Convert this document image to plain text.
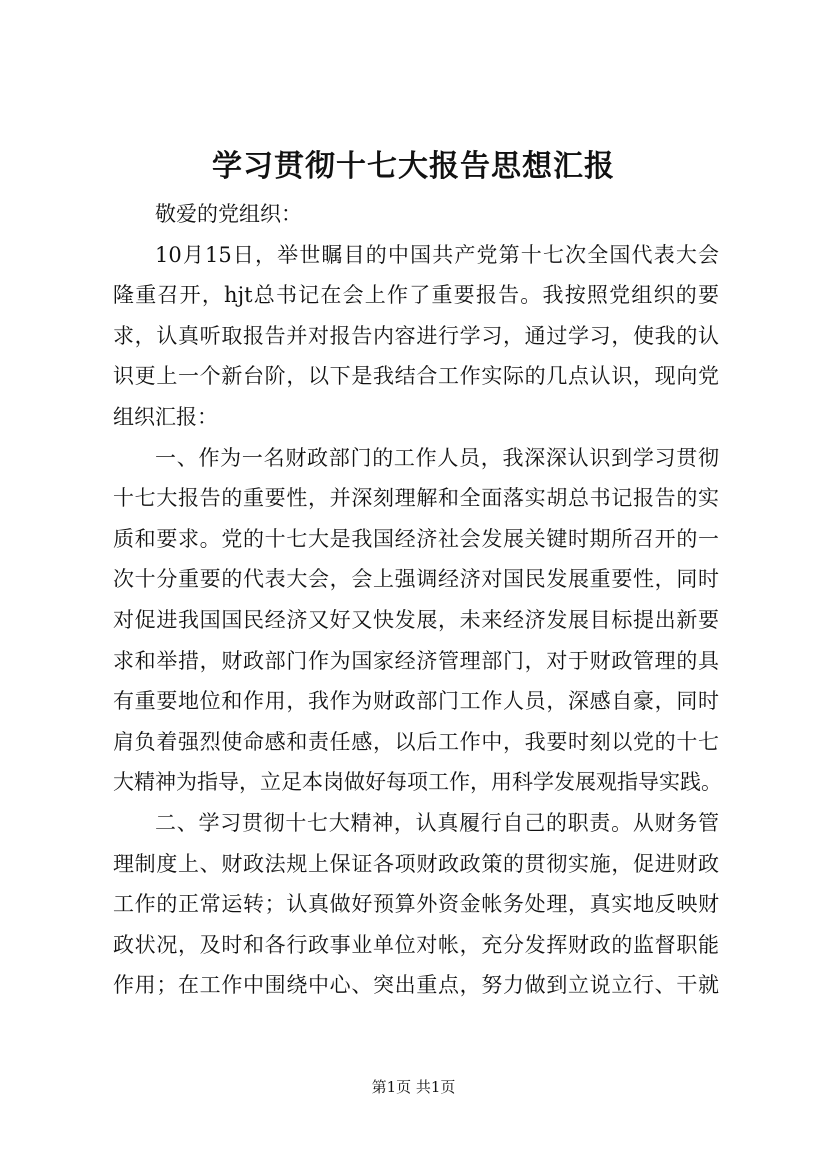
学习贯彻十七大报告思想汇报
敬爱的党组织：
10月15日，举世瞩目的中国共产党第十七次全国代表大会
隆重召开，hjt总书记在会上作了重要报告。我按照党组织的要
求，认真听取报告并对报告内容进行学习，通过学习，使我的认
识更上一个新台阶，以下是我结合工作实际的几点认识，现向党
组织汇报：
一、作为一名财政部门的工作人员，我深深认识到学习贯彻
十七大报告的重要性，并深刻理解和全面落实胡总书记报告的实
质和要求。党的十七大是我国经济社会发展关键时期所召开的一
次十分重要的代表大会，会上强调经济对国民发展重要性，同时
对促进我国国民经济又好又快发展，未来经济发展目标提出新要
求和举措，财政部门作为国家经济管理部门，对于财政管理的具
有重要地位和作用，我作为财政部门工作人员，深感自豪，同时
肩负着强烈使命感和责任感，以后工作中，我要时刻以党的十七
大精神为指导，立足本岗做好每项工作，用科学发展观指导实践。
二、学习贯彻十七大精神，认真履行自己的职责。从财务管
理制度上、财政法规上保证各项财政政策的贯彻实施，促进财政
工作的正常运转；认真做好预算外资金帐务处理，真实地反映财
政状况，及时和各行政事业单位对帐，充分发挥财政的监督职能
作用；在工作中围绕中心、突出重点，努力做到立说立行、干就
第1页 共1页
